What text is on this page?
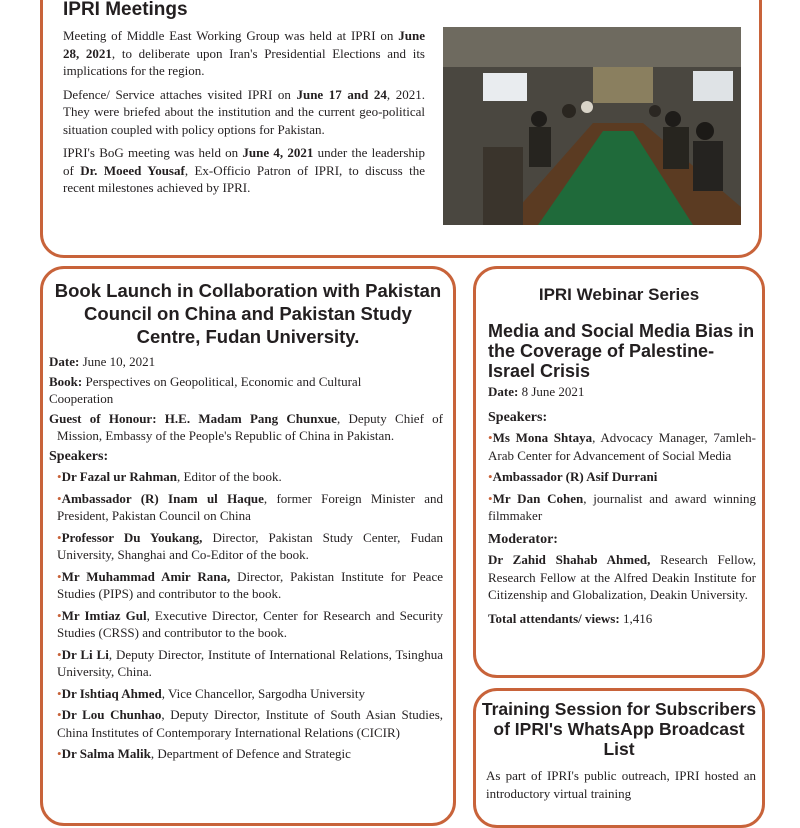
IPRI Meetings

Meeting of Middle East Working Group was held at IPRI on June 28, 2021, to deliberate upon Iran's Presidential Elections and its implications for the region.

Defence/ Service attaches visited IPRI on June 17 and 24, 2021. They were briefed about the institution and the current geo-political situation coupled with policy options for Pakistan.

IPRI's BoG meeting was held on June 4, 2021 under the leadership of Dr. Moeed Yousaf, Ex-Officio Patron of IPRI, to discuss the recent milestones achieved by IPRI.

Book Launch in Collaboration with Pakistan Council on China and Pakistan Study Centre, Fudan University.
Date: June 10, 2021
Book: Perspectives on Geopolitical, Economic and Cultural Cooperation
Guest of Honour: H.E. Madam Pang Chunxue, Deputy Chief of Mission, Embassy of the People's Republic of China in Pakistan.
Speakers:
•Dr Fazal ur Rahman, Editor of the book.
•Ambassador (R) Inam ul Haque, former Foreign Minister and President, Pakistan Council on China
•Professor Du Youkang, Director, Pakistan Study Center, Fudan University, Shanghai and Co-Editor of the book.
•Mr Muhammad Amir Rana, Director, Pakistan Institute for Peace Studies (PIPS) and contributor to the book.
•Mr Imtiaz Gul, Executive Director, Center for Research and Security Studies (CRSS) and contributor to the book.
•Dr Li Li, Deputy Director, Institute of International Relations, Tsinghua University, China.
•Dr Ishtiaq Ahmed, Vice Chancellor, Sargodha University
•Dr Lou Chunhao, Deputy Director, Institute of South Asian Studies, China Institutes of Contemporary International Relations (CICIR)
•Dr Salma Malik, Department of Defence and Strategic
IPRI Webinar Series
Media and Social Media Bias in the Coverage of Palestine-Israel Crisis
Date: 8 June 2021
Speakers:
•Ms Mona Shtaya, Advocacy Manager, 7amleh- Arab Center for Advancement of Social Media
•Ambassador (R) Asif Durrani
•Mr Dan Cohen, journalist and award winning filmmaker
Moderator:
Dr Zahid Shahab Ahmed, Research Fellow, Research Fellow at the Alfred Deakin Institute for Citizenship and Globalization, Deakin University.
Total attendants/ views: 1,416
Training Session for Subscribers of IPRI's WhatsApp Broadcast List
As part of IPRI's public outreach, IPRI hosted an introductory virtual training
